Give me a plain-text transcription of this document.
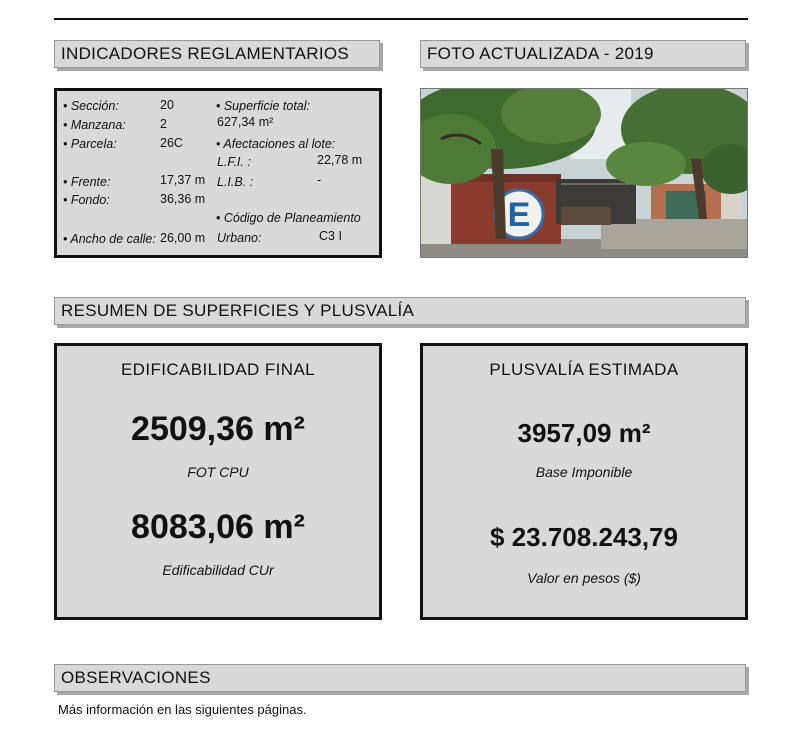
INDICADORES REGLAMENTARIOS	FOTO ACTUALIZADA - 2019
• Sección:	20
• Manzana:	2
• Parcela:	26C
• Frente:	17,37 m
• Fondo:	36,36 m
• Ancho de calle: 26,00 m
• Superficie total:
627,34 m²
• Afectaciones al lote:
L.F.I. :	22,78 m
L.I.B. :	-
• Código de Planeamiento
Urbano:	C3 I
E
RESUMEN DE SUPERFICIES Y PLUSVALÍA
EDIFICABILIDAD FINAL
2509,36 m²
FOT CPU
8083,06 m²
Edificabilidad CUr
PLUSVALÍA ESTIMADA
3957,09 m²
Base Imponible
$ 23.708.243,79
Valor en pesos ($)
OBSERVACIONES
Más información en las siguientes páginas.
